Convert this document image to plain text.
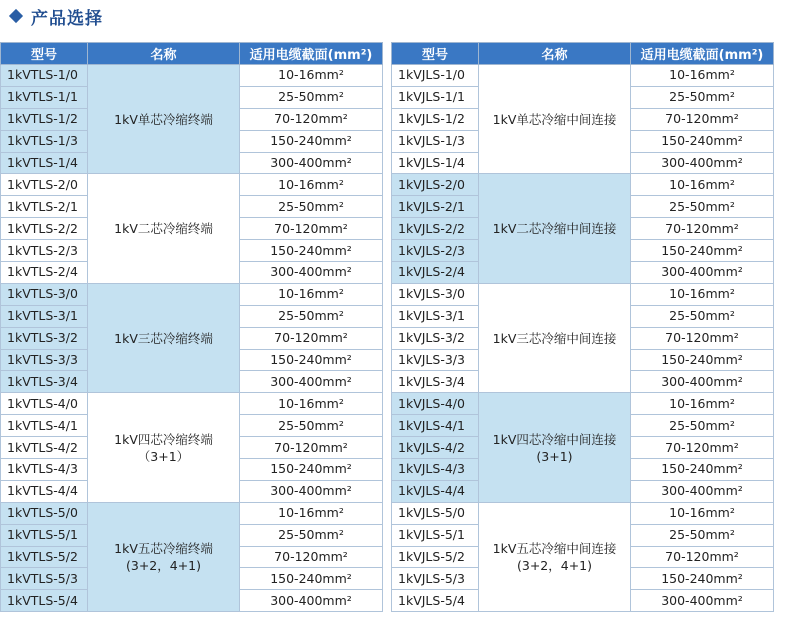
产品选择
型号	名称	适用电缆截面(mm²)
1kVTLS-1/0	1kV单芯冷缩终端	10-16mm²
1kVTLS-1/1		25-50mm²
1kVTLS-1/2		70-120mm²
1kVTLS-1/3		150-240mm²
1kVTLS-1/4		300-400mm²
1kVTLS-2/0	1kV二芯冷缩终端	10-16mm²
1kVTLS-2/1		25-50mm²
1kVTLS-2/2		70-120mm²
1kVTLS-2/3		150-240mm²
1kVTLS-2/4		300-400mm²
1kVTLS-3/0	1kV三芯冷缩终端	10-16mm²
1kVTLS-3/1		25-50mm²
1kVTLS-3/2		70-120mm²
1kVTLS-3/3		150-240mm²
1kVTLS-3/4		300-400mm²
1kVTLS-4/0	1kV四芯冷缩终端
（3+1）	10-16mm²
1kVTLS-4/1		25-50mm²
1kVTLS-4/2		70-120mm²
1kVTLS-4/3		150-240mm²
1kVTLS-4/4		300-400mm²
1kVTLS-5/0	1kV五芯冷缩终端
(3+2，4+1)	10-16mm²
1kVTLS-5/1		25-50mm²
1kVTLS-5/2		70-120mm²
1kVTLS-5/3		150-240mm²
1kVTLS-5/4		300-400mm²
型号	名称	适用电缆截面(mm²)
1kVJLS-1/0	1kV单芯冷缩中间连接	10-16mm²
1kVJLS-1/1		25-50mm²
1kVJLS-1/2		70-120mm²
1kVJLS-1/3		150-240mm²
1kVJLS-1/4		300-400mm²
1kVJLS-2/0	1kV二芯冷缩中间连接	10-16mm²
1kVJLS-2/1		25-50mm²
1kVJLS-2/2		70-120mm²
1kVJLS-2/3		150-240mm²
1kVJLS-2/4		300-400mm²
1kVJLS-3/0	1kV三芯冷缩中间连接	10-16mm²
1kVJLS-3/1		25-50mm²
1kVJLS-3/2		70-120mm²
1kVJLS-3/3		150-240mm²
1kVJLS-3/4		300-400mm²
1kVJLS-4/0	1kV四芯冷缩中间连接
(3+1)	10-16mm²
1kVJLS-4/1		25-50mm²
1kVJLS-4/2		70-120mm²
1kVJLS-4/3		150-240mm²
1kVJLS-4/4		300-400mm²
1kVJLS-5/0	1kV五芯冷缩中间连接
(3+2，4+1)	10-16mm²
1kVJLS-5/1		25-50mm²
1kVJLS-5/2		70-120mm²
1kVJLS-5/3		150-240mm²
1kVJLS-5/4		300-400mm²
